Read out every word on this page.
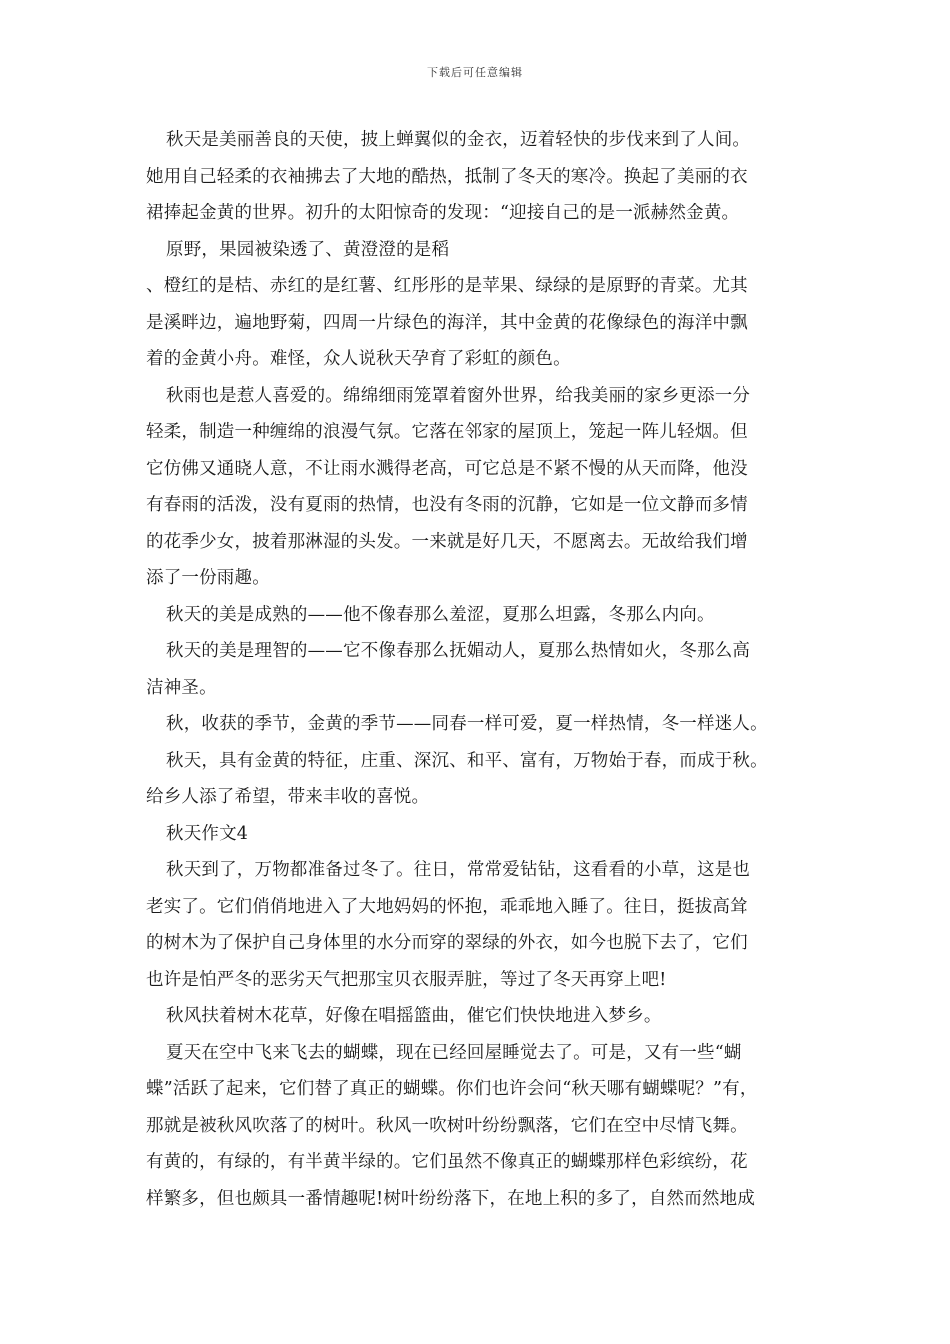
下载后可任意编辑
秋天是美丽善良的天使，披上蝉翼似的金衣，迈着轻快的步伐来到了人间。
她用自己轻柔的衣袖拂去了大地的酷热，抵制了冬天的寒冷。换起了美丽的衣
裙捧起金黄的世界。初升的太阳惊奇的发现：“迎接自己的是一派赫然金黄。
原野，果园被染透了、黄澄澄的是稻
、橙红的是桔、赤红的是红薯、红彤彤的是苹果、绿绿的是原野的青菜。尤其
是溪畔边，遍地野菊，四周一片绿色的海洋，其中金黄的花像绿色的海洋中飘
着的金黄小舟。难怪，众人说秋天孕育了彩虹的颜色。
秋雨也是惹人喜爱的。绵绵细雨笼罩着窗外世界，给我美丽的家乡更添一分
轻柔，制造一种缠绵的浪漫气氛。它落在邻家的屋顶上，笼起一阵儿轻烟。但
它仿佛又通晓人意，不让雨水溅得老高，可它总是不紧不慢的从天而降，他没
有春雨的活泼，没有夏雨的热情，也没有冬雨的沉静，它如是一位文静而多情
的花季少女，披着那淋湿的头发。一来就是好几天，不愿离去。无故给我们增
添了一份雨趣。
秋天的美是成熟的——他不像春那么羞涩，夏那么坦露，冬那么内向。
秋天的美是理智的——它不像春那么抚媚动人，夏那么热情如火，冬那么高
洁神圣。
秋，收获的季节，金黄的季节——同春一样可爱，夏一样热情，冬一样迷人。
秋天，具有金黄的特征，庄重、深沉、和平、富有，万物始于春，而成于秋。
给乡人添了希望，带来丰收的喜悦。
秋天作文4
秋天到了，万物都准备过冬了。往日，常常爱钻钻，这看看的小草，这是也
老实了。它们俏俏地进入了大地妈妈的怀抱，乖乖地入睡了。往日，挺拔高耸
的树木为了保护自己身体里的水分而穿的翠绿的外衣，如今也脱下去了，它们
也许是怕严冬的恶劣天气把那宝贝衣服弄脏，等过了冬天再穿上吧!
秋风扶着树木花草，好像在唱摇篮曲，催它们快快地进入梦乡。
夏天在空中飞来飞去的蝴蝶，现在已经回屋睡觉去了。可是，又有一些“蝴
蝶”活跃了起来，它们替了真正的蝴蝶。你们也许会问“秋天哪有蝴蝶呢？”有，
那就是被秋风吹落了的树叶。秋风一吹树叶纷纷飘落，它们在空中尽情飞舞。
有黄的，有绿的，有半黄半绿的。它们虽然不像真正的蝴蝶那样色彩缤纷，花
样繁多，但也颇具一番情趣呢!树叶纷纷落下，在地上积的多了，自然而然地成
